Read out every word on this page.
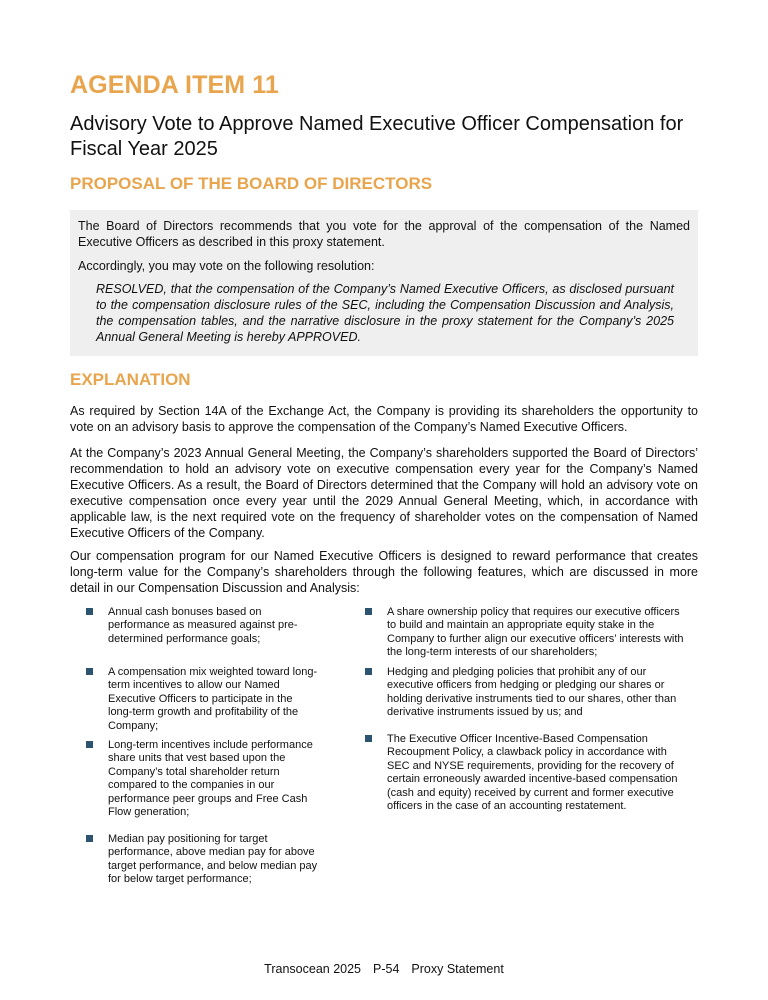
AGENDA ITEM 11
Advisory Vote to Approve Named Executive Officer Compensation for Fiscal Year 2025
PROPOSAL OF THE BOARD OF DIRECTORS

The Board of Directors recommends that you vote for the approval of the compensation of the Named Executive Officers as described in this proxy statement.

Accordingly, you may vote on the following resolution:

RESOLVED, that the compensation of the Company’s Named Executive Officers, as disclosed pursuant to the compensation disclosure rules of the SEC, including the Compensation Discussion and Analysis, the compensation tables, and the narrative disclosure in the proxy statement for the Company’s 2025 Annual General Meeting is hereby APPROVED.

EXPLANATION

As required by Section 14A of the Exchange Act, the Company is providing its shareholders the opportunity to vote on an advisory basis to approve the compensation of the Company’s Named Executive Officers.

At the Company’s 2023 Annual General Meeting, the Company’s shareholders supported the Board of Directors’ recommendation to hold an advisory vote on executive compensation every year for the Company’s Named Executive Officers. As a result, the Board of Directors determined that the Company will hold an advisory vote on executive compensation once every year until the 2029 Annual General Meeting, which, in accordance with applicable law, is the next required vote on the frequency of shareholder votes on the compensation of Named Executive Officers of the Company.

Our compensation program for our Named Executive Officers is designed to reward performance that creates long-term value for the Company’s shareholders through the following features, which are discussed in more detail in our Compensation Discussion and Analysis:

Annual cash bonuses based on performance as measured against pre-determined performance goals;
A compensation mix weighted toward long-term incentives to allow our Named Executive Officers to participate in the long-term growth and profitability of the Company;
Long-term incentives include performance share units that vest based upon the Company’s total shareholder return compared to the companies in our performance peer groups and Free Cash Flow generation;
Median pay positioning for target performance, above median pay for above target performance, and below median pay for below target performance;
A share ownership policy that requires our executive officers to build and maintain an appropriate equity stake in the Company to further align our executive officers’ interests with the long-term interests of our shareholders;
Hedging and pledging policies that prohibit any of our executive officers from hedging or pledging our shares or holding derivative instruments tied to our shares, other than derivative instruments issued by us; and
The Executive Officer Incentive-Based Compensation Recoupment Policy, a clawback policy in accordance with SEC and NYSE requirements, providing for the recovery of certain erroneously awarded incentive-based compensation (cash and equity) received by current and former executive officers in the case of an accounting restatement.
Transocean 2025 P-54 Proxy Statement
